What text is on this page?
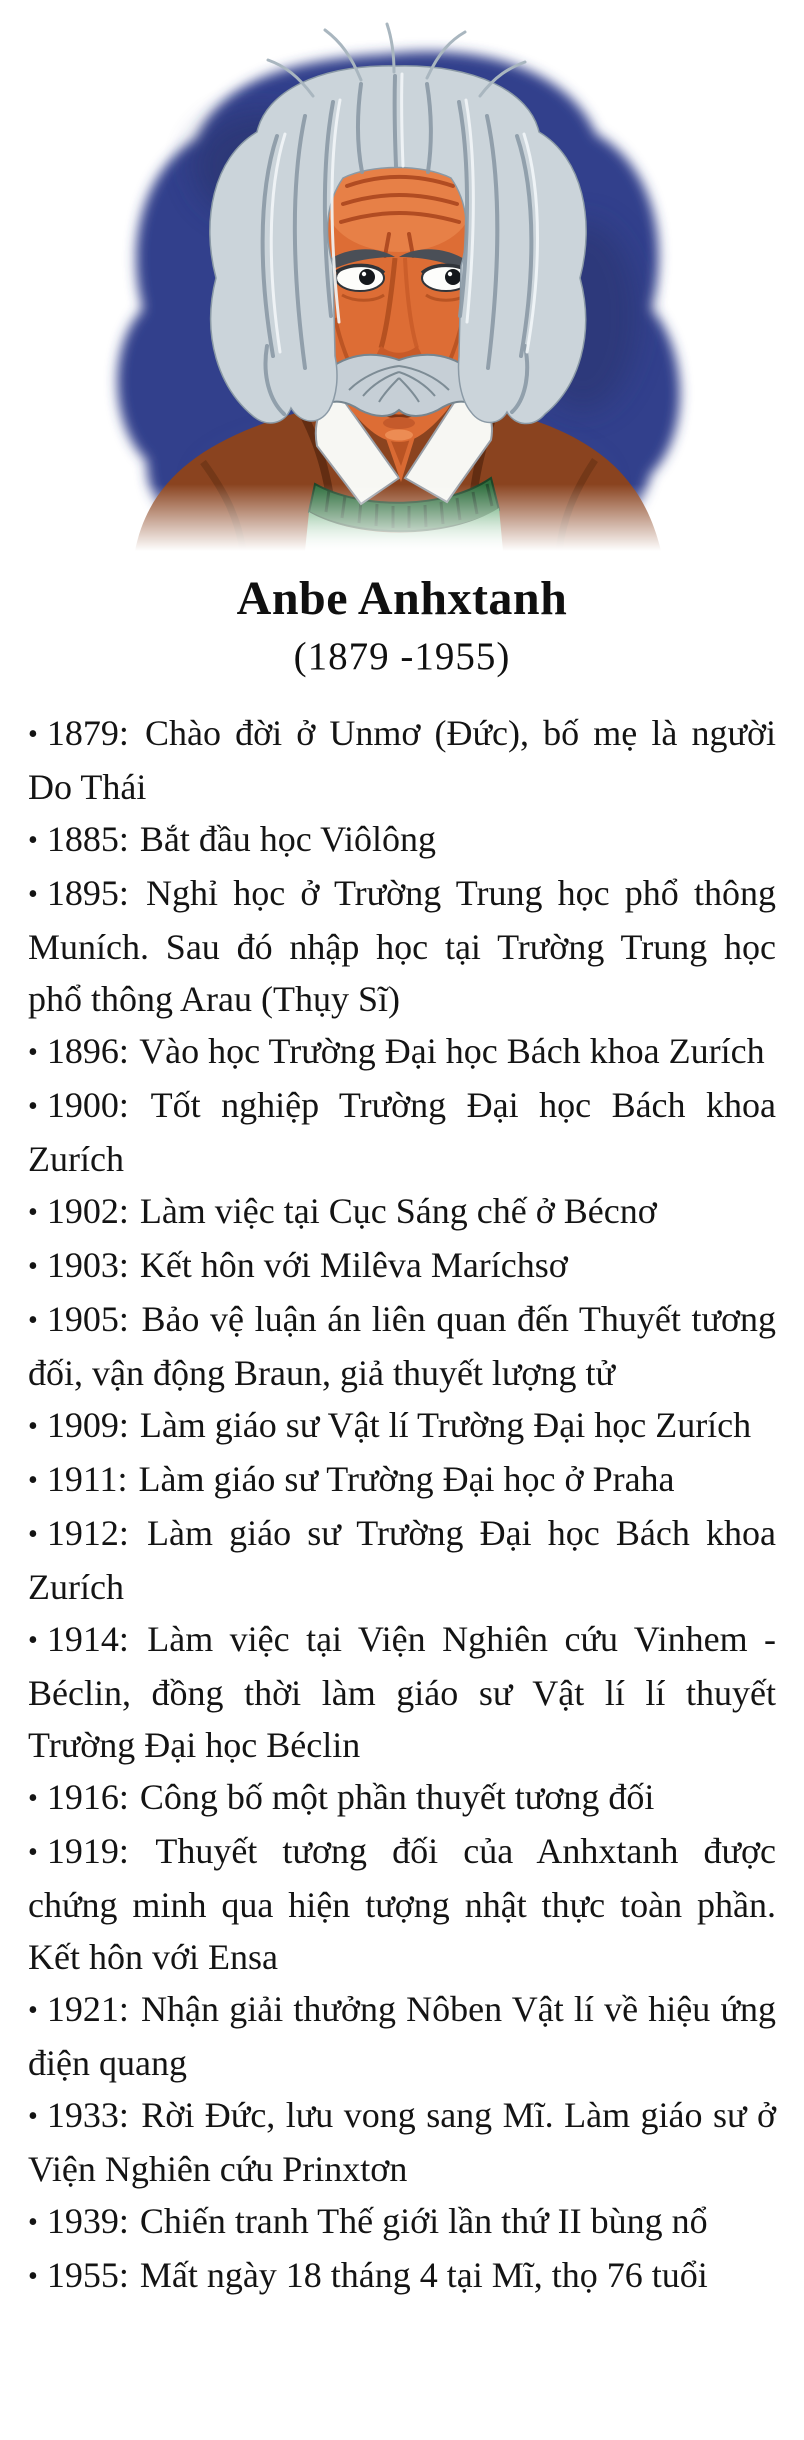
Anbe Anhxtanh

(1879 -1955)

• 1879: Chào đời ở Unmơ (Đức), bố mẹ là người Do Thái

• 1885: Bắt đầu học Viôlông

• 1895: Nghỉ học ở Trường Trung học phổ thông Muních. Sau đó nhập học tại Trường Trung học phổ thông Arau (Thụy Sĩ)

• 1896: Vào học Trường Đại học Bách khoa Zurích

• 1900: Tốt nghiệp Trường Đại học Bách khoa Zurích

• 1902: Làm việc tại Cục Sáng chế ở Bécnơ

• 1903: Kết hôn với Milêva Maríchsơ

• 1905: Bảo vệ luận án liên quan đến Thuyết tương đối, vận động Braun, giả thuyết lượng tử

• 1909: Làm giáo sư Vật lí Trường Đại học Zurích

• 1911: Làm giáo sư Trường Đại học ở Praha

• 1912: Làm giáo sư Trường Đại học Bách khoa Zurích

• 1914: Làm việc tại Viện Nghiên cứu Vinhem - Béclin, đồng thời làm giáo sư Vật lí lí thuyết Trường Đại học Béclin

• 1916: Công bố một phần thuyết tương đối

• 1919: Thuyết tương đối của Anhxtanh được chứng minh qua hiện tượng nhật thực toàn phần. Kết hôn với Ensa

• 1921: Nhận giải thưởng Nôben Vật lí về hiệu ứng điện quang

• 1933: Rời Đức, lưu vong sang Mĩ. Làm giáo sư ở Viện Nghiên cứu Prinxtơn

• 1939: Chiến tranh Thế giới lần thứ II bùng nổ

• 1955: Mất ngày 18 tháng 4 tại Mĩ, thọ 76 tuổi
